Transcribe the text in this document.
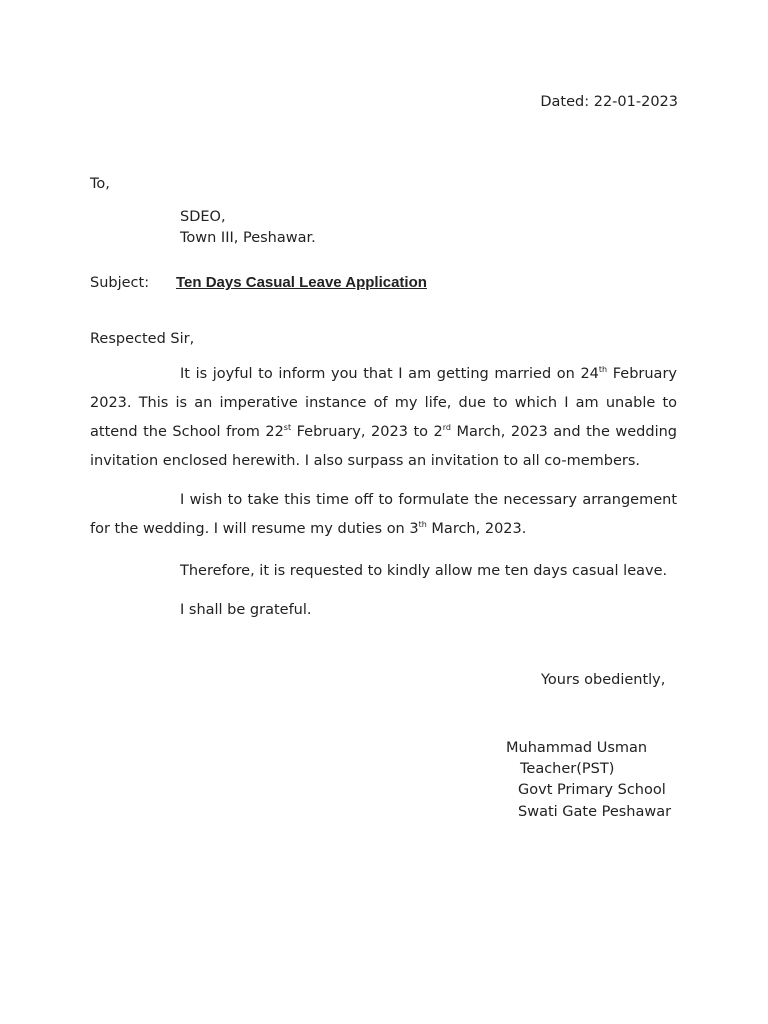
Dated: 22-01-2023
To,
SDEO,
Town III, Peshawar.
Subject: Ten Days Casual Leave Application
Respected Sir,
It is joyful to inform you that I am getting married on 24th February 2023. This is an imperative instance of my life, due to which I am unable to attend the School from 22st February, 2023 to 2rd March, 2023 and the wedding invitation enclosed herewith. I also surpass an invitation to all co-members.
I wish to take this time off to formulate the necessary arrangement for the wedding. I will resume my duties on 3th March, 2023.
Therefore, it is requested to kindly allow me ten days casual leave.
I shall be grateful.
Yours obediently,
Muhammad Usman
Teacher(PST)
Govt Primary School
Swati Gate Peshawar
